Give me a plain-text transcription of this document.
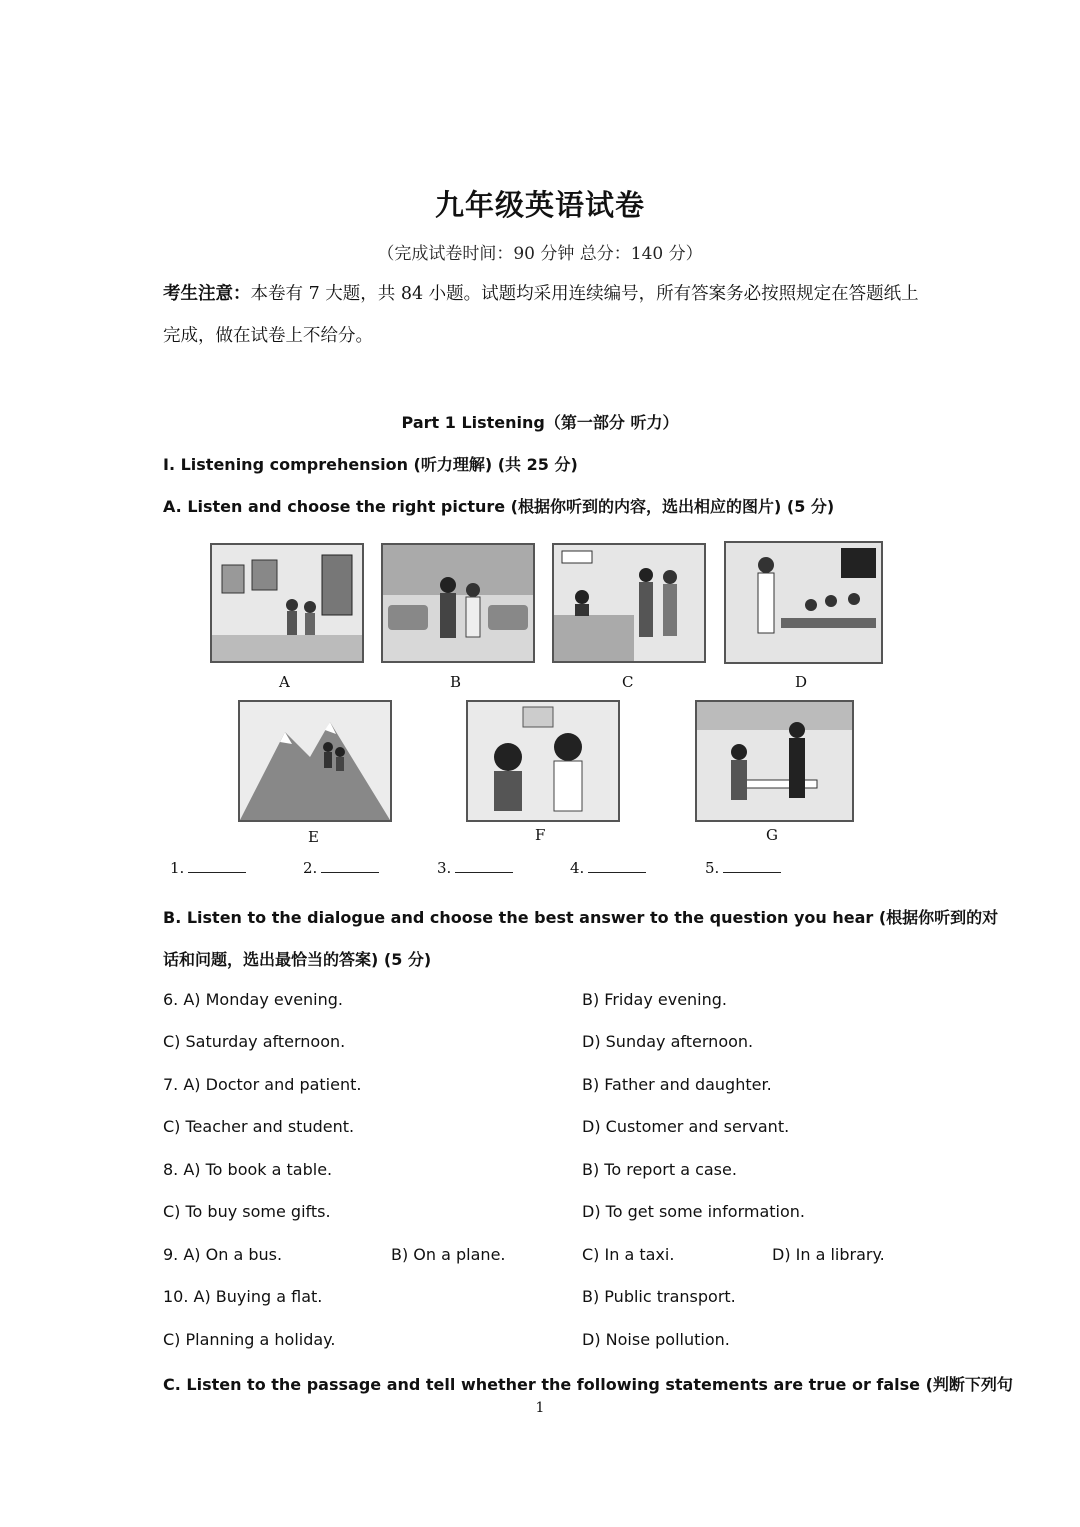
九年级英语试卷
（完成试卷时间：90 分钟 总分：140 分）
考生注意：本卷有 7 大题，共 84 小题。试题均采用连续编号，所有答案务必按照规定在答题纸上完成，做在试卷上不给分。
Part 1 Listening（第一部分 听力）
I. Listening comprehension (听力理解) (共 25 分)
A. Listen and choose the right picture (根据你听到的内容，选出相应的图片) (5 分)
A	B	C	D
E	F	G
1.	2.	3.	4.	5.
B. Listen to the dialogue and choose the best answer to the question you hear (根据你听到的对
话和问题，选出最恰当的答案) (5 分)
6. A) Monday evening.	B) Friday evening.
C) Saturday afternoon.	D) Sunday afternoon.
7. A) Doctor and patient.	B) Father and daughter.
C) Teacher and student.	D) Customer and servant.
8. A) To book a table.	B) To report a case.
C) To buy some gifts.	D) To get some information.
9. A) On a bus.	B) On a plane.	C) In a taxi.	D) In a library.
10. A) Buying a flat.	B) Public transport.
C) Planning a holiday.	D) Noise pollution.
C. Listen to the passage and tell whether the following statements are true or false (判断下列句
1
